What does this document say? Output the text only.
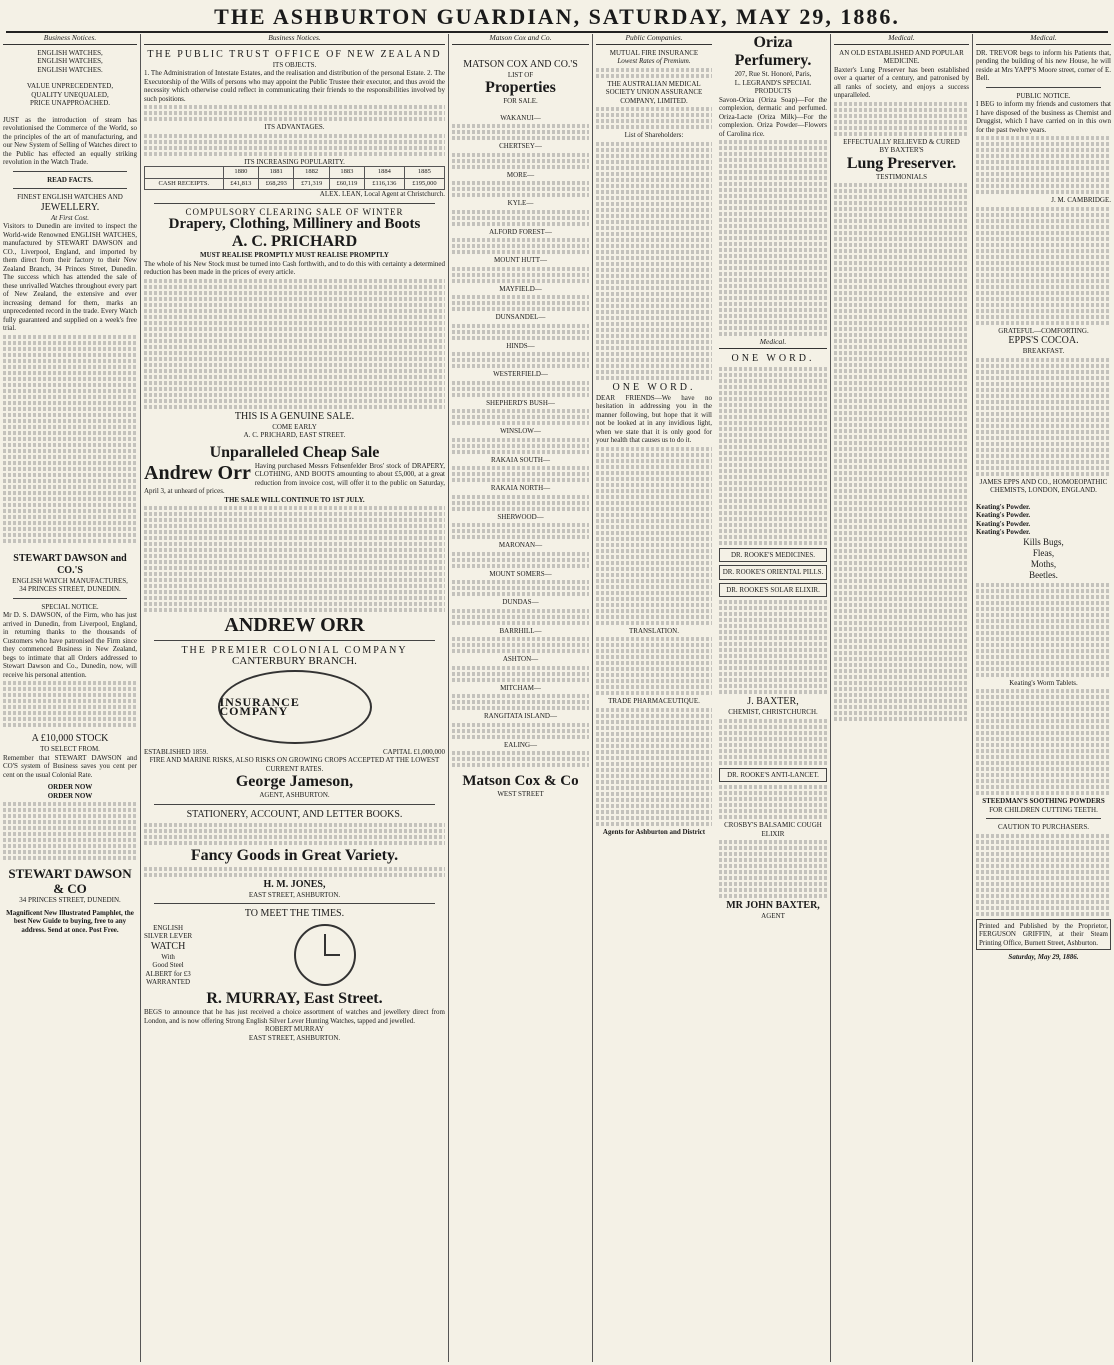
THE ASHBURTON GUARDIAN, SATURDAY, MAY 29, 1886.
Business Notices.
ENGLISH WATCHES,
ENGLISH WATCHES,
ENGLISH WATCHES.
VALUE UNPRECEDENTED,
QUALITY UNEQUALED,
PRICE UNAPPROACHED.
JUST as the introduction of steam has revolutionised the Commerce of the World, so the principles of the art of manufacturing, and our New System of Selling of Watches direct to the Public has effected an equally striking revolution in the Watch Trade.
READ FACTS.
FINEST ENGLISH WATCHES AND
JEWELLERY.
At First Cost.
Visitors to Dunedin are invited to inspect the World-wide Renowned ENGLISH WATCHES, manufactured by STEWART DAWSON and CO., Liverpool, England, and imported by them direct from their factory to their New Zealand Branch, 34 Princes Street, Dunedin. The success which has attended the sale of these unrivalled Watches throughout every part of New Zealand, the extensive and ever increasing demand for them, marks an unprecedented record in the trade. Every Watch fully guaranteed and supplied on a week's free trial.
STEWART DAWSON and CO.'S
ENGLISH WATCH MANUFACTURES,
34 PRINCES STREET, DUNEDIN.
SPECIAL NOTICE.
Mr D. S. DAWSON, of the Firm, who has just arrived in Dunedin, from Liverpool, England, in returning thanks to the thousands of Customers who have patronised the Firm since they commenced Business in New Zealand, begs to intimate that all Orders addressed to Stewart Dawson and Co., Dunedin, now, will receive his personal attention.
A £10,000 STOCK
TO SELECT FROM.
Remember that STEWART DAWSON and CO'S system of Business saves you cent per cent on the usual Colonial Rate.
ORDER NOW
ORDER NOW
STEWART DAWSON & CO
34 PRINCES STREET, DUNEDIN.
Magnificent New Illustrated Pamphlet, the best New Guide to buying, free to any address. Send at once. Post Free.
Business Notices.
THE PUBLIC TRUST OFFICE OF NEW ZEALAND
ITS OBJECTS.
1. The Administration of Intestate Estates, and the realisation and distribution of the personal Estate. 2. The Executorship of the Wills of persons who may appoint the Public Trustee their executor, and thus avoid the necessity which otherwise could reflect in communicating their friends to the responsibilities involved by such positions.
ITS ADVANTAGES.
ITS INCREASING POPULARITY.
	1880	1881	1882	1883	1884	1885
CASH RECEIPTS.	£41,813	£68,293	£71,319	£60,119	£116,136	£195,000
ALEX. LEAN, Local Agent at Christchurch.
COMPULSORY CLEARING SALE OF WINTER
Drapery, Clothing, Millinery and Boots
A. C. PRICHARD
MUST REALISE PROMPTLY MUST REALISE PROMPTLY
The whole of his New Stock must be turned into Cash forthwith, and to do this with certainty a determined reduction has been made in the prices of every article.
THIS IS A GENUINE SALE.
COME EARLY
A. C. PRICHARD, EAST STREET.
Unparalleled Cheap Sale
Andrew Orr Having purchased Messrs Fehsenfelder Bros' stock of DRAPERY, CLOTHING, AND BOOTS amounting to about £5,000, at a great reduction from invoice cost, will offer it to the public on Saturday, April 3, at unheard of prices.
THE SALE WILL CONTINUE TO 1ST JULY.
ANDREW ORR
THE PREMIER COLONIAL COMPANY
CANTERBURY BRANCH.
INSURANCE COMPANY
ESTABLISHED 1859.	CAPITAL £1,000,000
FIRE AND MARINE RISKS, ALSO RISKS ON GROWING CROPS ACCEPTED AT THE LOWEST CURRENT RATES.
George Jameson,
AGENT, ASHBURTON.
STATIONERY, ACCOUNT, AND LETTER BOOKS.
Fancy Goods in Great Variety.
H. M. JONES,
EAST STREET, ASHBURTON.
TO MEET THE TIMES.
ENGLISH
SILVER LEVER
WATCH
With
Good Steel
ALBERT for £3
WARRANTED
R. MURRAY, East Street.
BEGS to announce that he has just received a choice assortment of watches and jewellery direct from London, and is now offering Strong English Silver Lever Hunting Watches, tapped and jewelled.
ROBERT MURRAY
EAST STREET, ASHBURTON.
Matson Cox and Co.
MATSON COX AND CO.'S
LIST OF
Properties
FOR SALE.
WAKANUI—
CHERTSEY—
MORE—
KYLE—
ALFORD FOREST—
MOUNT HUTT—
MAYFIELD—
DUNSANDEL—
HINDS—
WESTERFIELD—
SHEPHERD'S BUSH—
WINSLOW—
RAKAIA SOUTH—
RAKAIA NORTH—
SHERWOOD—
MARONAN—
MOUNT SOMERS—
DUNDAS—
BARRHILL—
ASHTON—
MITCHAM—
RANGITATA ISLAND—
EALING—
Matson Cox & Co
WEST STREET
Public Companies.
MUTUAL FIRE INSURANCE
Lowest Rates of Premium.
THE AUSTRALIAN MEDICAL SOCIETY UNION ASSURANCE COMPANY, LIMITED.
List of Shareholders:
ONE WORD.
DEAR FRIENDS—We have no hesitation in addressing you in the manner following, but hope that it will not be looked at in any invidious light, when we state that it is only good for your health that causes us to do it.
TRANSLATION.
TRADE PHARMACEUTIQUE.
Agents for Ashburton and District
Oriza Perfumery.
207, Rue St. Honoré, Paris,
L. LEGRAND'S SPECIAL PRODUCTS
Savon-Oriza (Oriza Soap)—For the complexion, dermatic and perfumed. Oriza-Lacte (Oriza Milk)—For the complexion. Oriza Powder—Flowers of Carolina rice.
Medical.
ONE WORD.
DR. ROOKE'S MEDICINES.
DR. ROOKE'S ORIENTAL PILLS.
DR. ROOKE'S SOLAR ELIXIR.
J. BAXTER,
CHEMIST, CHRISTCHURCH.
DR. ROOKE'S ANTI-LANCET.
CROSBY'S BALSAMIC COUGH ELIXIR
MR JOHN BAXTER,
AGENT
Medical.
AN OLD ESTABLISHED AND POPULAR MEDICINE.
Baxter's Lung Preserver has been established over a quarter of a century, and patronised by all ranks of society, and enjoys a success unparalleled.
EFFECTUALLY RELIEVED & CURED
BY BAXTER'S
Lung Preserver.
TESTIMONIALS
Medical.
DR. TREVOR begs to inform his Patients that, pending the building of his new House, he will reside at Mrs YAPP'S Moore street, corner of E. Bell.
PUBLIC NOTICE.
I BEG to inform my friends and customers that I have disposed of the business as Chemist and Druggist, which I have carried on in this own for the past twelve years.
J. M. CAMBRIDGE.
GRATEFUL—COMFORTING.
EPPS'S COCOA.
BREAKFAST.
JAMES EPPS AND CO., HOMOEOPATHIC CHEMISTS, LONDON, ENGLAND.
Keating's Powder.
Keating's Powder.
Keating's Powder.
Keating's Powder.
Kills Bugs,
Fleas,
Moths,
Beetles.
Keating's Worm Tablets.
STEEDMAN'S SOOTHING POWDERS
FOR CHILDREN CUTTING TEETH.
CAUTION TO PURCHASERS.
Printed and Published by the Proprietor, FERGUSON GRIFFIN, at their Steam Printing Office, Burnett Street, Ashburton.
Saturday, May 29, 1886.
